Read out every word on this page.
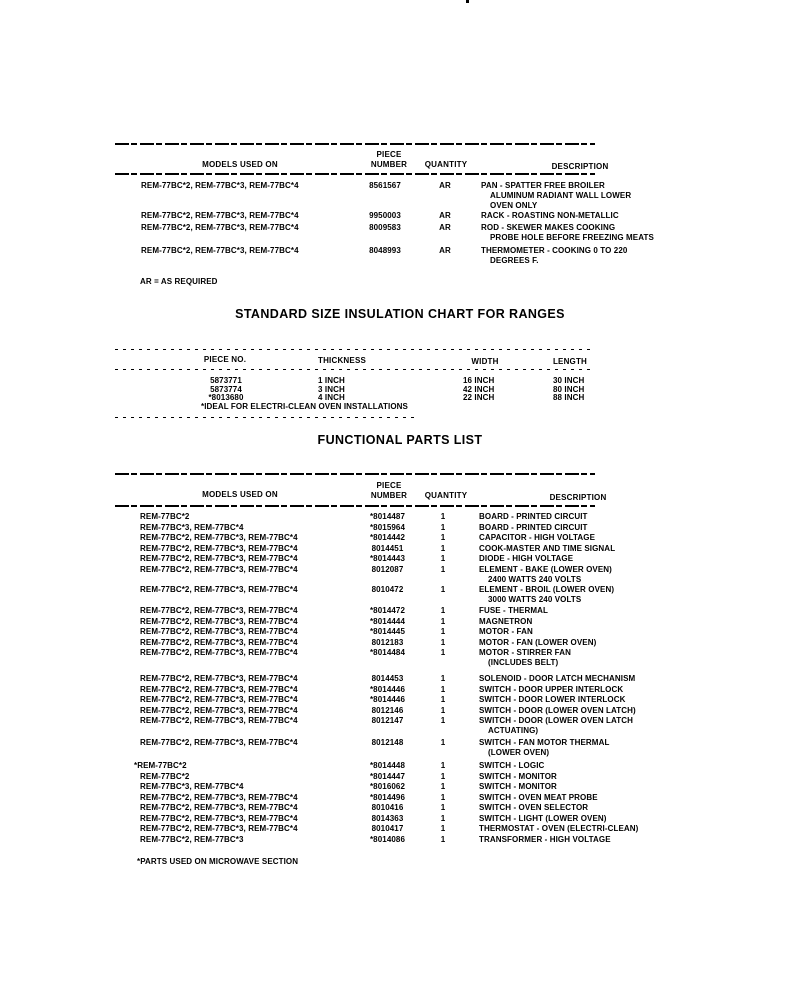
MODELS USED ON
PIECE
NUMBER	QUANTITY	DESCRIPTION
REM-77BC*2, REM-77BC*3, REM-77BC*4	8561567	AR	PAN - SPATTER FREE BROILER
ALUMINUM RADIANT WALL LOWER
OVEN ONLY
REM-77BC*2, REM-77BC*3, REM-77BC*4	9950003	AR	RACK - ROASTING NON-METALLIC
REM-77BC*2, REM-77BC*3, REM-77BC*4	8009583	AR	ROD - SKEWER MAKES COOKING
PROBE HOLE BEFORE FREEZING MEATS
REM-77BC*2, REM-77BC*3, REM-77BC*4	8048993	AR	THERMOMETER - COOKING 0 TO 220
DEGREES F.
AR = AS REQUIRED
STANDARD SIZE INSULATION CHART FOR RANGES
PIECE NO.	THICKNESS	WIDTH	LENGTH
5873771	1 INCH	16 INCH	30 INCH
5873774	3 INCH	42 INCH	80 INCH
*8013680	4 INCH	22 INCH	88 INCH
*IDEAL FOR ELECTRI-CLEAN OVEN INSTALLATIONS
FUNCTIONAL PARTS LIST
MODELS USED ON
PIECE
NUMBER	QUANTITY	DESCRIPTION
REM-77BC*2	*8014487	1	BOARD - PRINTED CIRCUIT
REM-77BC*3, REM-77BC*4	*8015964	1	BOARD - PRINTED CIRCUIT
REM-77BC*2, REM-77BC*3, REM-77BC*4	*8014442	1	CAPACITOR - HIGH VOLTAGE
REM-77BC*2, REM-77BC*3, REM-77BC*4	8014451	1	COOK-MASTER AND TIME SIGNAL
REM-77BC*2, REM-77BC*3, REM-77BC*4	*8014443	1	DIODE - HIGH VOLTAGE
REM-77BC*2, REM-77BC*3, REM-77BC*4	8012087	1	ELEMENT - BAKE (LOWER OVEN)
2400 WATTS 240 VOLTS
REM-77BC*2, REM-77BC*3, REM-77BC*4	8010472	1	ELEMENT - BROIL (LOWER OVEN)
3000 WATTS 240 VOLTS
REM-77BC*2, REM-77BC*3, REM-77BC*4	*8014472	1	FUSE - THERMAL
REM-77BC*2, REM-77BC*3, REM-77BC*4	*8014444	1	MAGNETRON
REM-77BC*2, REM-77BC*3, REM-77BC*4	*8014445	1	MOTOR - FAN
REM-77BC*2, REM-77BC*3, REM-77BC*4	8012183	1	MOTOR - FAN (LOWER OVEN)
REM-77BC*2, REM-77BC*3, REM-77BC*4	*8014484	1	MOTOR - STIRRER FAN
(INCLUDES BELT)
REM-77BC*2, REM-77BC*3, REM-77BC*4	8014453	1	SOLENOID - DOOR LATCH MECHANISM
REM-77BC*2, REM-77BC*3, REM-77BC*4	*8014446	1	SWITCH - DOOR UPPER INTERLOCK
REM-77BC*2, REM-77BC*3, REM-77BC*4	*8014446	1	SWITCH - DOOR LOWER INTERLOCK
REM-77BC*2, REM-77BC*3, REM-77BC*4	8012146	1	SWITCH - DOOR (LOWER OVEN LATCH)
REM-77BC*2, REM-77BC*3, REM-77BC*4	8012147	1	SWITCH - DOOR (LOWER OVEN LATCH
ACTUATING)
REM-77BC*2, REM-77BC*3, REM-77BC*4	8012148	1	SWITCH - FAN MOTOR THERMAL
(LOWER OVEN)
*REM-77BC*2	*8014448	1	SWITCH - LOGIC
REM-77BC*2	*8014447	1	SWITCH - MONITOR
REM-77BC*3, REM-77BC*4	*8016062	1	SWITCH - MONITOR
REM-77BC*2, REM-77BC*3, REM-77BC*4	*8014496	1	SWITCH - OVEN MEAT PROBE
REM-77BC*2, REM-77BC*3, REM-77BC*4	8010416	1	SWITCH - OVEN SELECTOR
REM-77BC*2, REM-77BC*3, REM-77BC*4	8014363	1	SWITCH - LIGHT (LOWER OVEN)
REM-77BC*2, REM-77BC*3, REM-77BC*4	8010417	1	THERMOSTAT - OVEN (ELECTRI-CLEAN)
REM-77BC*2, REM-77BC*3	*8014086	1	TRANSFORMER - HIGH VOLTAGE
*PARTS USED ON MICROWAVE SECTION
